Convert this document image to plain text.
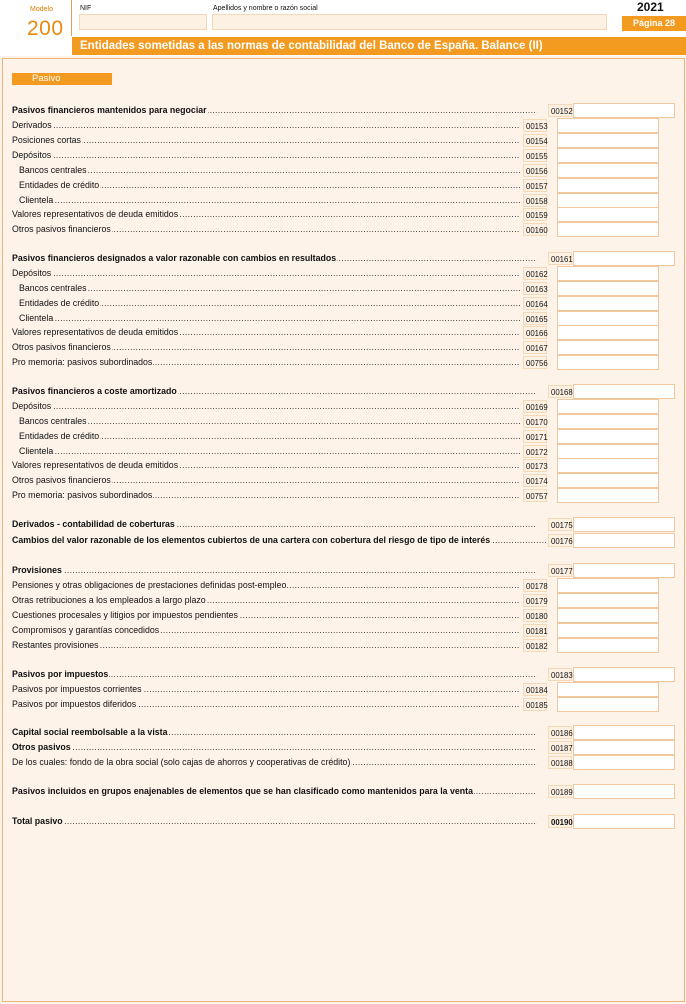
Modelo
200
NIF	Apellidos y nombre o razón social	2021
Página 28
Entidades sometidas a las normas de contabilidad del Banco de España. Balance (II)
Pasivo
Pasivos financieros mantenidos para negociar .....	00152
Derivados .....	00153
Posiciones cortas .....	00154
Depósitos .....	00155
Bancos centrales .....	00156
Entidades de crédito .....	00157
Clientela .....	00158
Valores representativos de deuda emitidos .....	00159
Otros pasivos financieros .....	00160
Pasivos financieros designados a valor razonable con cambios en resultados .....	00161
Depósitos .....	00162
Bancos centrales .....	00163
Entidades de crédito .....	00164
Clientela .....	00165
Valores representativos de deuda emitidos .....	00166
Otros pasivos financieros .....	00167
Pro memoria: pasivos subordinados .....	00756
Pasivos financieros a coste amortizado .....	00168
Depósitos .....	00169
Bancos centrales .....	00170
Entidades de crédito .....	00171
Clientela .....	00172
Valores representativos de deuda emitidos .....	00173
Otros pasivos financieros .....	00174
Pro memoria: pasivos subordinados .....	00757
Derivados - contabilidad de coberturas .....	00175
Cambios del valor razonable de los elementos cubiertos de una cartera con cobertura del riesgo de tipo de interés .....	00176
Provisiones .....	00177
Pensiones y otras obligaciones de prestaciones definidas post-empleo .....	00178
Otras retribuciones a los empleados a largo plazo .....	00179
Cuestiones procesales y litigios por impuestos pendientes .....	00180
Compromisos y garantías concedidos .....	00181
Restantes provisiones .....	00182
Pasivos por impuestos .....	00183
Pasivos por impuestos corrientes .....	00184
Pasivos por impuestos diferidos .....	00185
Capital social reembolsable a la vista .....	00186
Otros pasivos .....	00187
De los cuales: fondo de la obra social (solo cajas de ahorros y cooperativas de crédito) .....	00188
Pasivos incluidos en grupos enajenables de elementos que se han clasificado como mantenidos para la venta .....	00189
Total pasivo .....	00190
